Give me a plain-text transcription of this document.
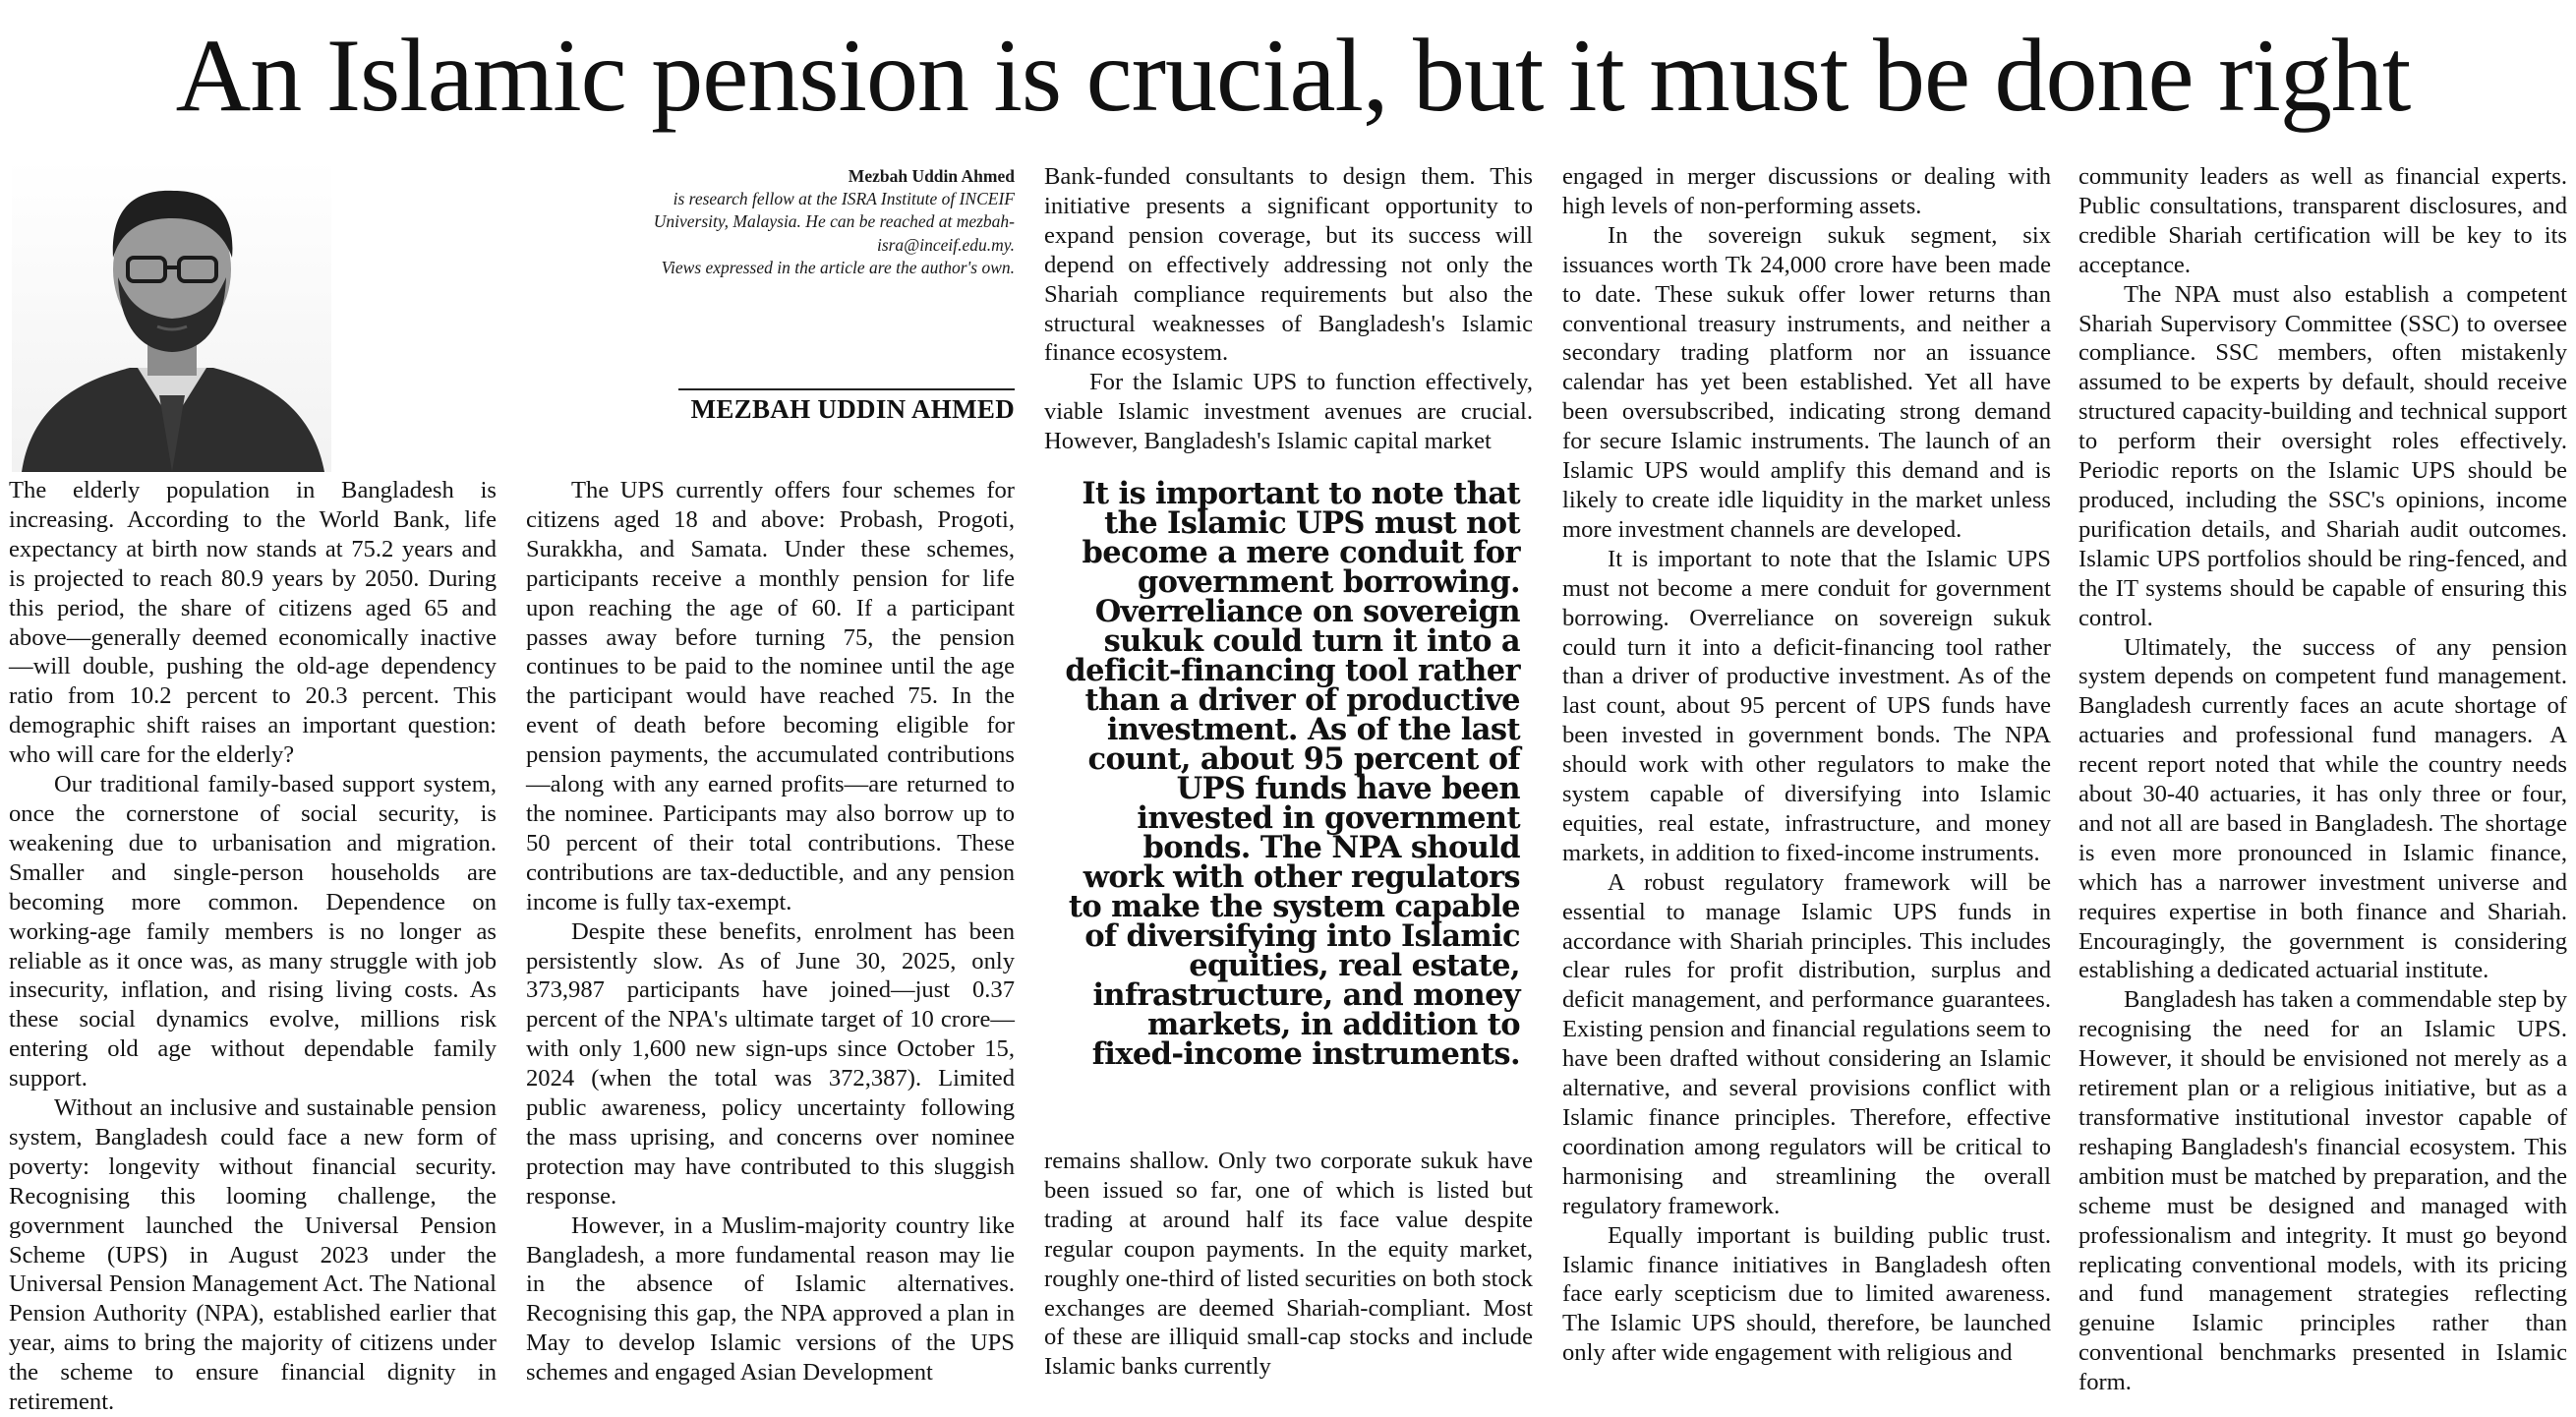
An Islamic pension is crucial, but it must be done right
Mezbah Uddin Ahmed
is research fellow at the ISRA Institute of INCEIF
University, Malaysia. He can be reached at mezbah-
isra@inceif.edu.my.
Views expressed in the article are the author's own.
MEZBAH UDDIN AHMED

The elderly population in Bangladesh is increasing. According to the World Bank, life expectancy at birth now stands at 75.2 years and is projected to reach 80.9 years by 2050. During this period, the share of citizens aged 65 and above—generally deemed economically inactive—will double, pushing the old-age dependency ratio from 10.2 percent to 20.3 percent. This demographic shift raises an important question: who will care for the elderly?

Our traditional family-based support system, once the cornerstone of social security, is weakening due to urbanisation and migration. Smaller and single-person households are becoming more common. Dependence on working-age family members is no longer as reliable as it once was, as many struggle with job insecurity, inflation, and rising living costs. As these social dynamics evolve, millions risk entering old age without dependable family support.

Without an inclusive and sustainable pension system, Bangladesh could face a new form of poverty: longevity without financial security. Recognising this looming challenge, the government launched the Universal Pension Scheme (UPS) in August 2023 under the Universal Pension Management Act. The National Pension Authority (NPA), established earlier that year, aims to bring the majority of citizens under the scheme to ensure financial dignity in retirement.

The UPS currently offers four schemes for citizens aged 18 and above: Probash, Progoti, Surakkha, and Samata. Under these schemes, participants receive a monthly pension for life upon reaching the age of 60. If a participant passes away before turning 75, the pension continues to be paid to the nominee until the age the participant would have reached 75. In the event of death before becoming eligible for pension payments, the accumulated contributions—along with any earned profits—are returned to the nominee. Participants may also borrow up to 50 percent of their total contributions. These contributions are tax-deductible, and any pension income is fully tax-exempt.

Despite these benefits, enrolment has been persistently slow. As of June 30, 2025, only 373,987 participants have joined—just 0.37 percent of the NPA's ultimate target of 10 crore—with only 1,600 new sign-ups since October 15, 2024 (when the total was 372,387). Limited public awareness, policy uncertainty following the mass uprising, and concerns over nominee protection may have contributed to this sluggish response.

However, in a Muslim-majority country like Bangladesh, a more fundamental reason may lie in the absence of Islamic alternatives. Recognising this gap, the NPA approved a plan in May to develop Islamic versions of the UPS schemes and engaged Asian Development

Bank-funded consultants to design them. This initiative presents a significant opportunity to expand pension coverage, but its success will depend on effectively addressing not only the Shariah compliance requirements but also the structural weaknesses of Bangladesh's Islamic finance ecosystem.

For the Islamic UPS to function effectively, viable Islamic investment avenues are crucial. However, Bangladesh's Islamic capital market

It is important to note that the Islamic UPS must not become a mere conduit for government borrowing. Overreliance on sovereign sukuk could turn it into a deficit-financing tool rather than a driver of productive investment. As of the last count, about 95 percent of UPS funds have been invested in government bonds. The NPA should work with other regulators to make the system capable of diversifying into Islamic equities, real estate, infrastructure, and money markets, in addition to fixed-income instruments.

remains shallow. Only two corporate sukuk have been issued so far, one of which is listed but trading at around half its face value despite regular coupon payments. In the equity market, roughly one-third of listed securities on both stock exchanges are deemed Shariah-compliant. Most of these are illiquid small-cap stocks and include Islamic banks currently

engaged in merger discussions or dealing with high levels of non-performing assets.

In the sovereign sukuk segment, six issuances worth Tk 24,000 crore have been made to date. These sukuk offer lower returns than conventional treasury instruments, and neither a secondary trading platform nor an issuance calendar has yet been established. Yet all have been oversubscribed, indicating strong demand for secure Islamic instruments. The launch of an Islamic UPS would amplify this demand and is likely to create idle liquidity in the market unless more investment channels are developed.

It is important to note that the Islamic UPS must not become a mere conduit for government borrowing. Overreliance on sovereign sukuk could turn it into a deficit-financing tool rather than a driver of productive investment. As of the last count, about 95 percent of UPS funds have been invested in government bonds. The NPA should work with other regulators to make the system capable of diversifying into Islamic equities, real estate, infrastructure, and money markets, in addition to fixed-income instruments.

A robust regulatory framework will be essential to manage Islamic UPS funds in accordance with Shariah principles. This includes clear rules for profit distribution, surplus and deficit management, and performance guarantees. Existing pension and financial regulations seem to have been drafted without considering an Islamic alternative, and several provisions conflict with Islamic finance principles. Therefore, effective coordination among regulators will be critical to harmonising and streamlining the overall regulatory framework.

Equally important is building public trust. Islamic finance initiatives in Bangladesh often face early scepticism due to limited awareness. The Islamic UPS should, therefore, be launched only after wide engagement with religious and

community leaders as well as financial experts. Public consultations, transparent disclosures, and credible Shariah certification will be key to its acceptance.

The NPA must also establish a competent Shariah Supervisory Committee (SSC) to oversee compliance. SSC members, often mistakenly assumed to be experts by default, should receive structured capacity-building and technical support to perform their oversight roles effectively. Periodic reports on the Islamic UPS should be produced, including the SSC's opinions, income purification details, and Shariah audit outcomes. Islamic UPS portfolios should be ring-fenced, and the IT systems should be capable of ensuring this control.

Ultimately, the success of any pension system depends on competent fund management. Bangladesh currently faces an acute shortage of actuaries and professional fund managers. A recent report noted that while the country needs about 30-40 actuaries, it has only three or four, and not all are based in Bangladesh. The shortage is even more pronounced in Islamic finance, which has a narrower investment universe and requires expertise in both finance and Shariah. Encouragingly, the government is considering establishing a dedicated actuarial institute.

Bangladesh has taken a commendable step by recognising the need for an Islamic UPS. However, it should be envisioned not merely as a retirement plan or a religious initiative, but as a transformative institutional investor capable of reshaping Bangladesh's financial ecosystem. This ambition must be matched by preparation, and the scheme must be designed and managed with professionalism and integrity. It must go beyond replicating conventional models, with its pricing and fund management strategies reflecting genuine Islamic principles rather than conventional benchmarks presented in Islamic form.
